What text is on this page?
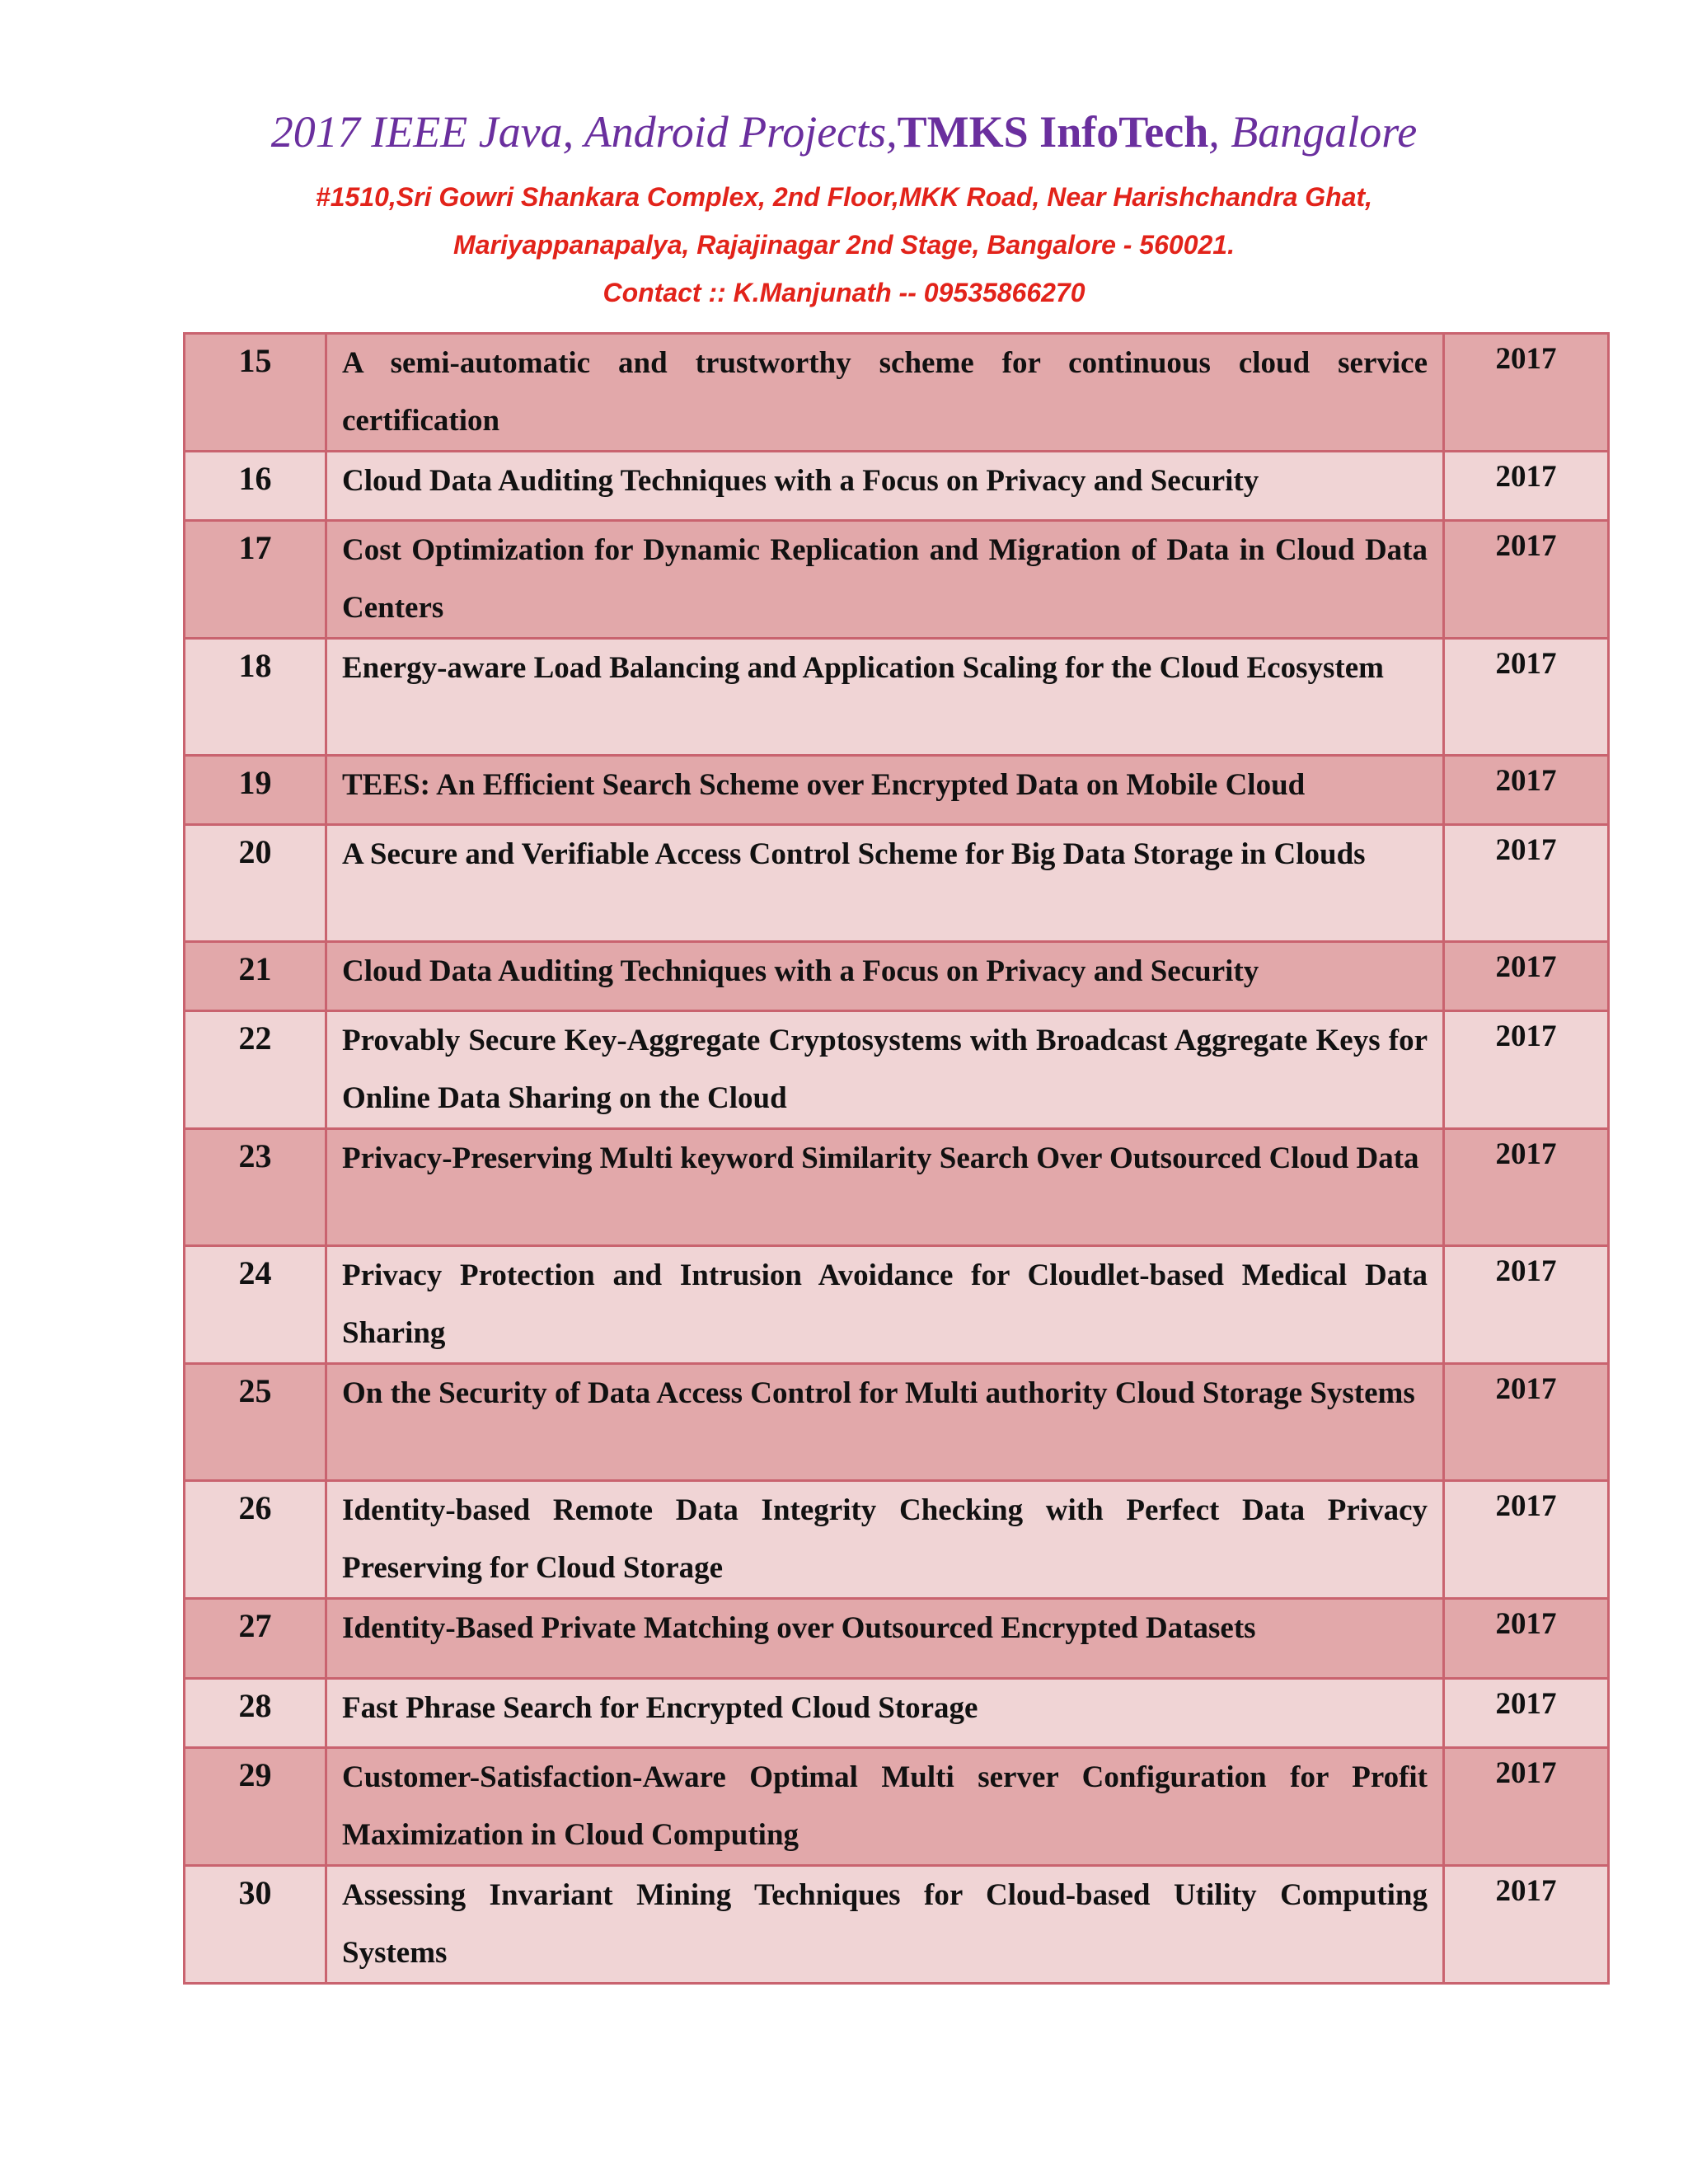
2017 IEEE Java, Android Projects,TMKS InfoTech, Bangalore

#1510,Sri Gowri Shankara Complex, 2nd Floor,MKK Road, Near Harishchandra Ghat,

Mariyappanapalya, Rajajinagar 2nd Stage, Bangalore - 560021.

Contact :: K.Manjunath -- 09535866270

15	A semi-automatic and trustworthy scheme for continuous cloud service certification	2017
16	Cloud Data Auditing Techniques with a Focus on Privacy and Security	2017
17	Cost Optimization for Dynamic Replication and Migration of Data in Cloud Data Centers	2017
18	Energy-aware Load Balancing and Application Scaling for the Cloud Ecosystem	2017
19	TEES: An Efficient Search Scheme over Encrypted Data on Mobile Cloud	2017
20	A Secure and Verifiable Access Control Scheme for Big Data Storage in Clouds	2017
21	Cloud Data Auditing Techniques with a Focus on Privacy and Security	2017
22	Provably Secure Key-Aggregate Cryptosystems with Broadcast Aggregate Keys for Online Data Sharing on the Cloud	2017
23	Privacy-Preserving Multi keyword Similarity Search Over Outsourced Cloud Data	2017
24	Privacy Protection and Intrusion Avoidance for Cloudlet-based Medical Data Sharing	2017
25	On the Security of Data Access Control for Multi authority Cloud Storage Systems	2017
26	Identity-based Remote Data Integrity Checking with Perfect Data Privacy Preserving for Cloud Storage	2017
27	Identity-Based Private Matching over Outsourced Encrypted Datasets	2017
28	Fast Phrase Search for Encrypted Cloud Storage	2017
29	Customer-Satisfaction-Aware Optimal Multi server Configuration for Profit Maximization in Cloud Computing	2017
30	Assessing Invariant Mining Techniques for Cloud-based Utility Computing Systems	2017
